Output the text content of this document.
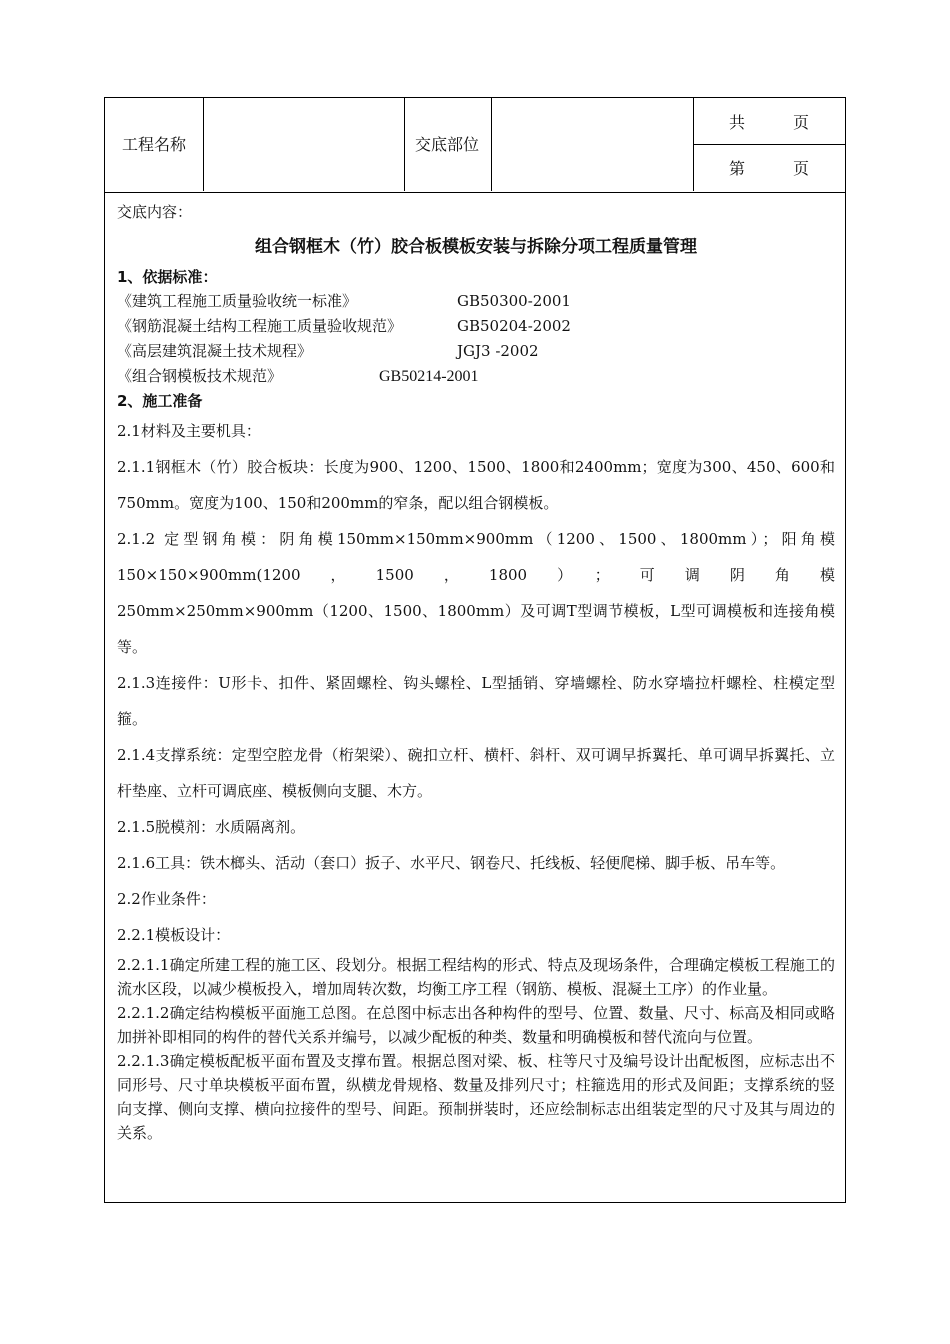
工程名称	交底部位
共　　　页
第　　　页
交底内容：
组合钢框木（竹）胶合板模板安装与拆除分项工程质量管理
1、依据标准：
《建筑工程施工质量验收统一标准》	GB50300-2001
《钢筋混凝土结构工程施工质量验收规范》	GB50204-2002
《高层建筑混凝土技术规程》	JGJ3 -2002
《组合钢模板技术规范》	GB50214-2001
2、施工准备

2.1材料及主要机具：

2.1.1钢框木（竹）胶合板块：长度为900、1200、1500、1800和2400mm；宽度为300、450、600和750mm。宽度为100、150和200mm的窄条，配以组合钢模板。

2.1.2 定型钢角模：阴角模150mm×150mm×900mm（1200、1500、1800mm）；阳角模150×150×900mm(1200，1500，1800）；可调阴角模

250mm×250mm×900mm（1200、1500、1800mm）及可调T型调节模板，L型可调模板和连接角模等。

2.1.3连接件：U形卡、扣件、紧固螺栓、钩头螺栓、L型插销、穿墙螺栓、防水穿墙拉杆螺栓、柱模定型箍。

2.1.4支撑系统：定型空腔龙骨（桁架梁）、碗扣立杆、横杆、斜杆、双可调早拆翼托、单可调早拆翼托、立杆垫座、立杆可调底座、模板侧向支腿、木方。

2.1.5脱模剂：水质隔离剂。

2.1.6工具：铁木榔头、活动（套口）扳子、水平尺、钢卷尺、托线板、轻便爬梯、脚手板、吊车等。

2.2作业条件：

2.2.1模板设计：

2.2.1.1确定所建工程的施工区、段划分。根据工程结构的形式、特点及现场条件，合理确定模板工程施工的流水区段，以减少模板投入，增加周转次数，均衡工序工程（钢筋、模板、混凝土工序）的作业量。

2.2.1.2确定结构模板平面施工总图。在总图中标志出各种构件的型号、位置、数量、尺寸、标高及相同或略加拼补即相同的构件的替代关系并编号，以减少配板的种类、数量和明确模板和替代流向与位置。

2.2.1.3确定模板配板平面布置及支撑布置。根据总图对梁、板、柱等尺寸及编号设计出配板图，应标志出不同形号、尺寸单块模板平面布置，纵横龙骨规格、数量及排列尺寸；柱箍选用的形式及间距；支撑系统的竖向支撑、侧向支撑、横向拉接件的型号、间距。预制拼装时，还应绘制标志出组装定型的尺寸及其与周边的关系。
